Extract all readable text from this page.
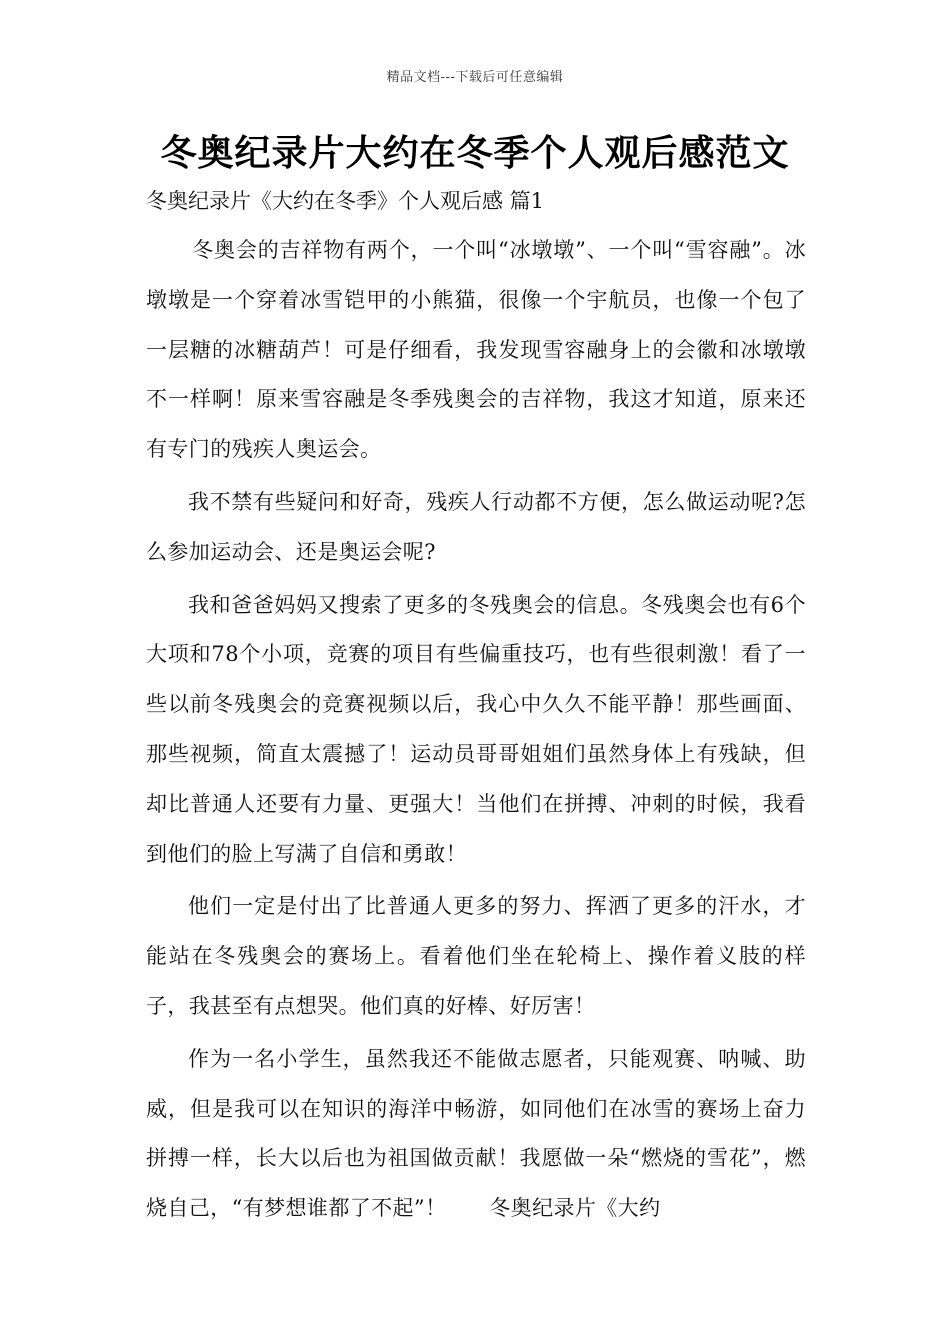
精品文档---下载后可任意编辑
冬奥纪录片大约在冬季个人观后感范文

冬奥纪录片《大约在冬季》个人观后感 篇1

冬奥会的吉祥物有两个，一个叫“冰墩墩”、一个叫“雪容融”。冰墩墩是一个穿着冰雪铠甲的小熊猫，很像一个宇航员，也像一个包了一层糖的冰糖葫芦！可是仔细看，我发现雪容融身上的会徽和冰墩墩不一样啊！原来雪容融是冬季残奥会的吉祥物，我这才知道，原来还有专门的残疾人奥运会。

我不禁有些疑问和好奇，残疾人行动都不方便，怎么做运动呢?怎么参加运动会、还是奥运会呢?

我和爸爸妈妈又搜索了更多的冬残奥会的信息。冬残奥会也有6个大项和78个小项，竞赛的项目有些偏重技巧，也有些很刺激！看了一些以前冬残奥会的竞赛视频以后，我心中久久不能平静！那些画面、那些视频，简直太震撼了！运动员哥哥姐姐们虽然身体上有残缺，但却比普通人还要有力量、更强大！当他们在拼搏、冲刺的时候，我看到他们的脸上写满了自信和勇敢！

他们一定是付出了比普通人更多的努力、挥洒了更多的汗水，才能站在冬残奥会的赛场上。看着他们坐在轮椅上、操作着义肢的样子，我甚至有点想哭。他们真的好棒、好厉害！

作为一名小学生，虽然我还不能做志愿者，只能观赛、呐喊、助威，但是我可以在知识的海洋中畅游，如同他们在冰雪的赛场上奋力拼搏一样，长大以后也为祖国做贡献！我愿做一朵“燃烧的雪花”，燃烧自己，“有梦想谁都了不起”！　　冬奥纪录片《大约
